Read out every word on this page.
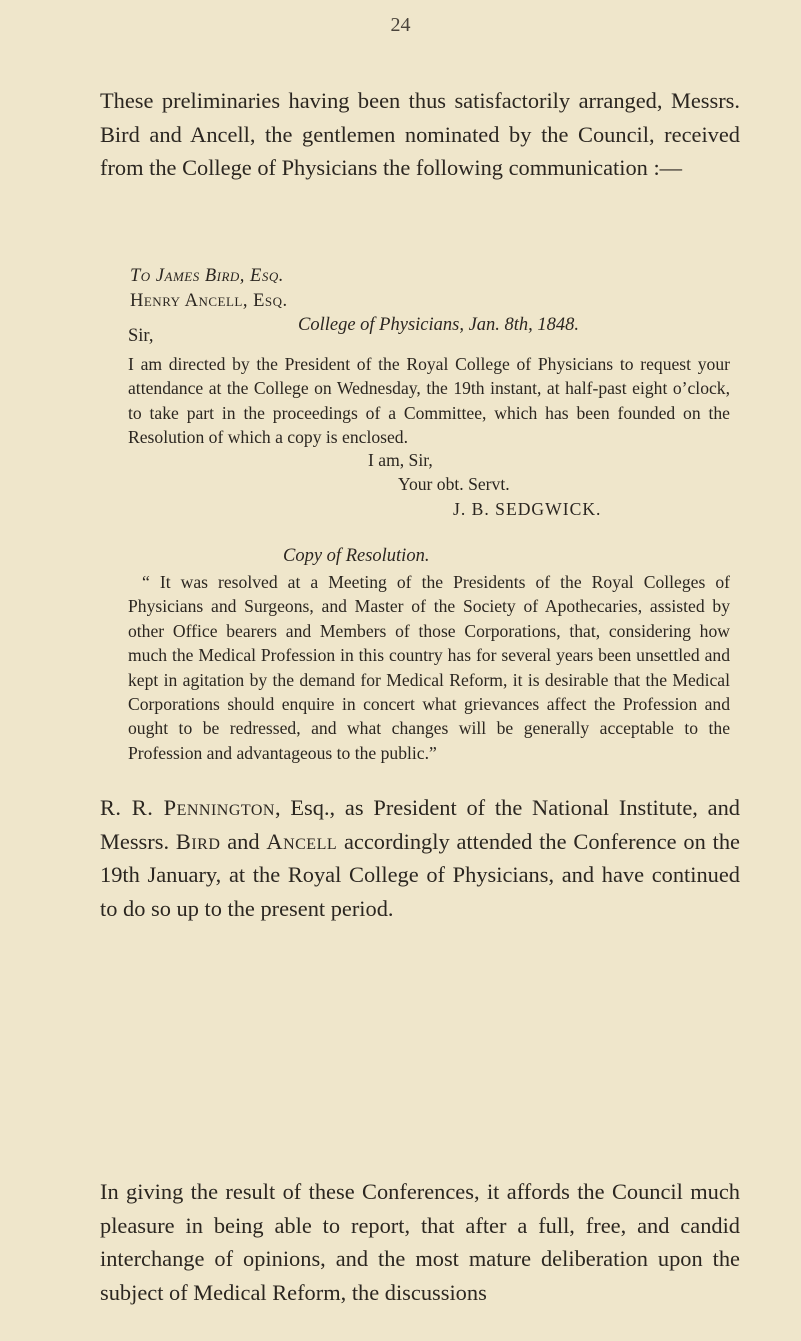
24

These preliminaries having been thus satisfactorily arranged, Messrs. Bird and Ancell, the gentlemen nominated by the Council, received from the College of Physicians the following communication :—

To James Bird, Esq.

Henry Ancell, Esq.

College of Physicians, Jan. 8th, 1848.

Sir,

I am directed by the President of the Royal College of Physicians to request your attendance at the College on Wednesday, the 19th instant, at half-past eight o’clock, to take part in the proceedings of a Committee, which has been founded on the Resolution of which a copy is enclosed.

I am, Sir,

Your obt. Servt.

J. B. SEDGWICK.

Copy of Resolution.

“ It was resolved at a Meeting of the Presidents of the Royal Colleges of Physicians and Surgeons, and Master of the Society of Apothecaries, assisted by other Office bearers and Members of those Corporations, that, considering how much the Medical Profession in this country has for several years been unsettled and kept in agitation by the demand for Medical Reform, it is desirable that the Medical Corporations should enquire in concert what grievances affect the Profession and ought to be redressed, and what changes will be generally acceptable to the Profession and advantageous to the public.”

R. R. Pennington, Esq., as President of the National Institute, and Messrs. Bird and Ancell accordingly attended the Conference on the 19th January, at the Royal College of Physicians, and have continued to do so up to the present period.

In giving the result of these Conferences, it affords the Council much pleasure in being able to report, that after a full, free, and candid interchange of opinions, and the most mature deliberation upon the subject of Medical Reform, the discussions
